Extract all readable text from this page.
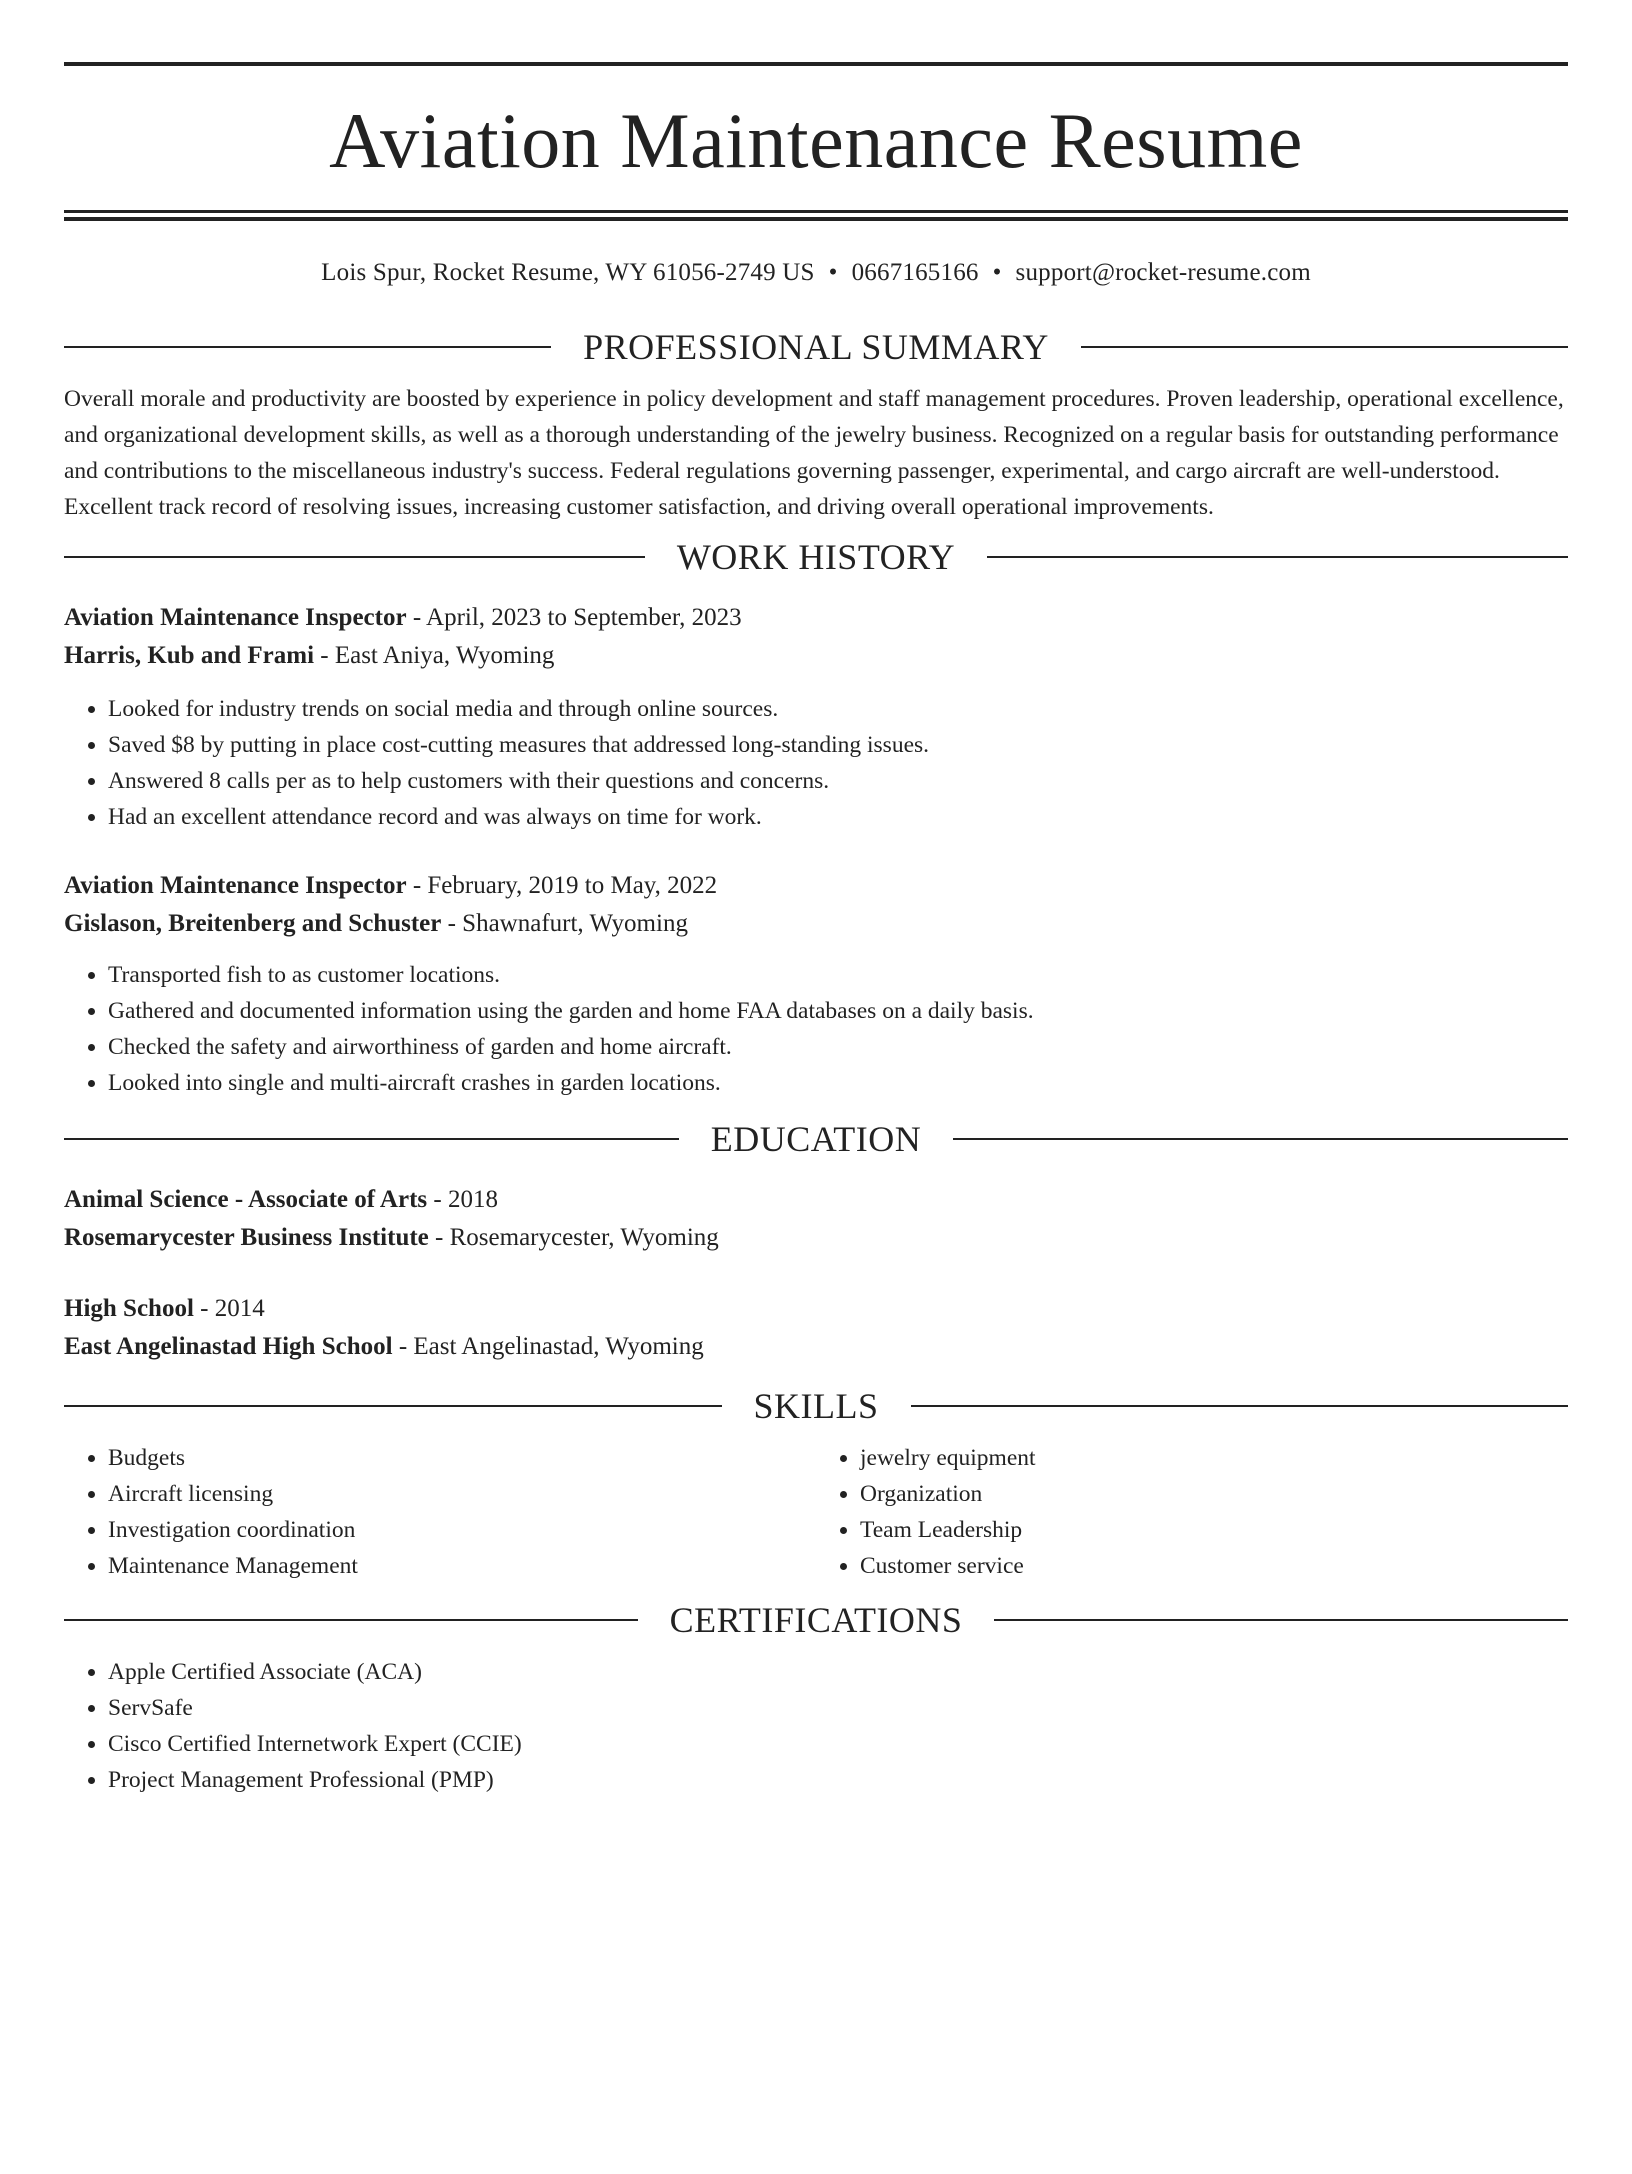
Aviation Maintenance Resume
Lois Spur, Rocket Resume, WY 61056-2749 US • 0667165166 • support@rocket-resume.com
PROFESSIONAL SUMMARY

Overall morale and productivity are boosted by experience in policy development and staff management procedures. Proven leadership, operational excellence, and organizational development skills, as well as a thorough understanding of the jewelry business. Recognized on a regular basis for outstanding performance and contributions to the miscellaneous industry's success. Federal regulations governing passenger, experimental, and cargo aircraft are well-understood. Excellent track record of resolving issues, increasing customer satisfaction, and driving overall operational improvements.

WORK HISTORY
Aviation Maintenance Inspector - April, 2023 to September, 2023
Harris, Kub and Frami - East Aniya, Wyoming
• Looked for industry trends on social media and through online sources.
• Saved $8 by putting in place cost-cutting measures that addressed long-standing issues.
• Answered 8 calls per as to help customers with their questions and concerns.
• Had an excellent attendance record and was always on time for work.
Aviation Maintenance Inspector - February, 2019 to May, 2022
Gislason, Breitenberg and Schuster - Shawnafurt, Wyoming
• Transported fish to as customer locations.
• Gathered and documented information using the garden and home FAA databases on a daily basis.
• Checked the safety and airworthiness of garden and home aircraft.
• Looked into single and multi-aircraft crashes in garden locations.
EDUCATION
Animal Science - Associate of Arts - 2018
Rosemarycester Business Institute - Rosemarycester, Wyoming
High School - 2014
East Angelinastad High School - East Angelinastad, Wyoming
SKILLS
• Budgets
• Aircraft licensing
• Investigation coordination
• Maintenance Management
• jewelry equipment
• Organization
• Team Leadership
• Customer service
CERTIFICATIONS
• Apple Certified Associate (ACA)
• ServSafe
• Cisco Certified Internetwork Expert (CCIE)
• Project Management Professional (PMP)
